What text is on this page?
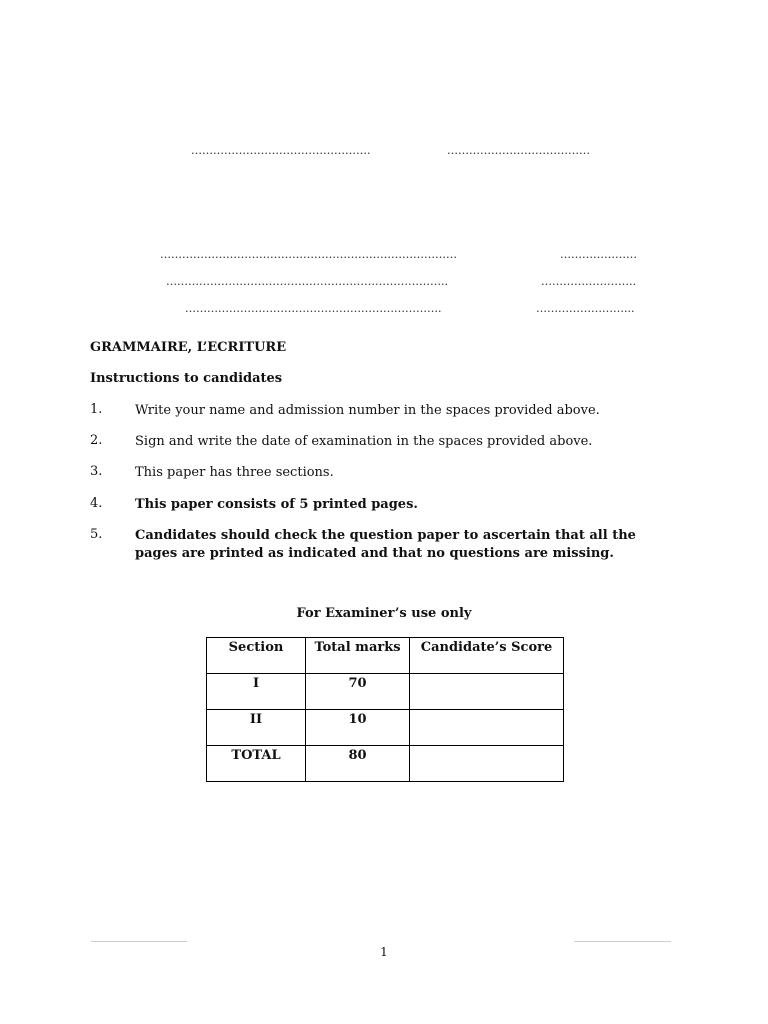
………………………………………….	…………………………………
………………………………………………………………………	…………………
…………………………………………………………………..	……………………..
…………………………………………………………….	……………………...
GRAMMAIRE, L’ECRITURE
Instructions to candidates
1.	Write your name and admission number in the spaces provided above.
2.	Sign and write the date of examination in the spaces provided above.
3.	This paper has three sections.
4.	This paper consists of 5 printed pages.
5.	Candidates should check the question paper to ascertain that all the pages are printed as indicated and that no questions are missing.
For Examiner’s use only
Section	Total marks	Candidate’s Score
I	70	
II	10	
TOTAL	80	
1
